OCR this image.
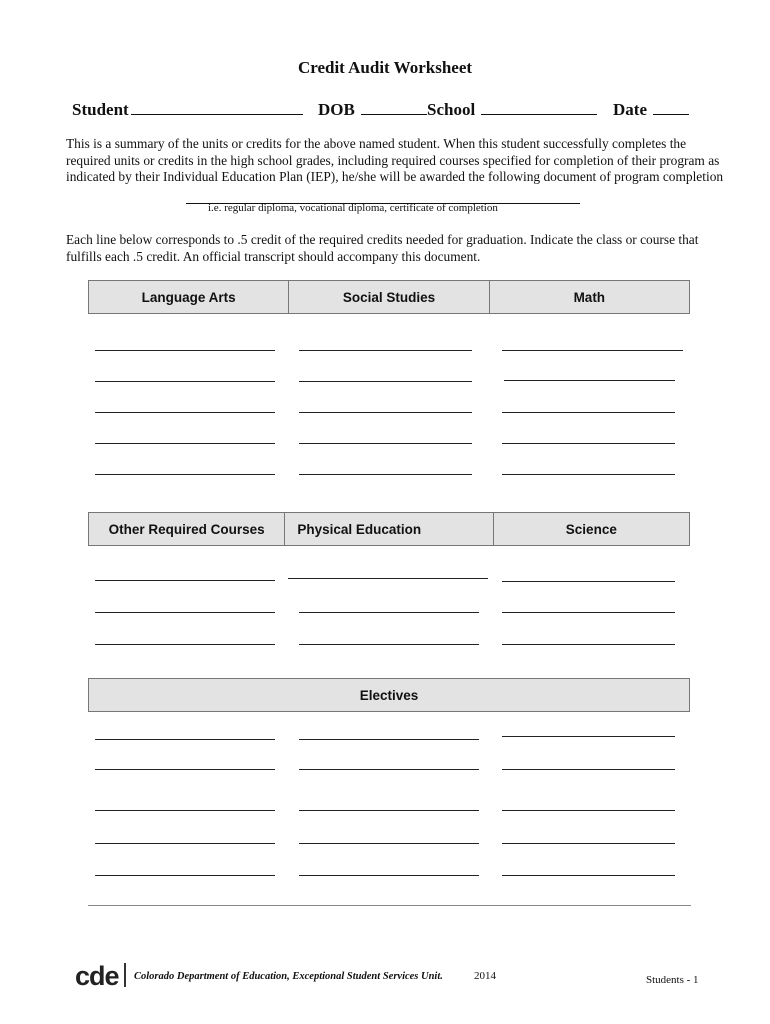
Credit Audit Worksheet
Student	DOB	School	Date
This is a summary of the units or credits for the above named student. When this student successfully completes the required units or credits in the high school grades, including required courses specified for completion of their program as indicated by their Individual Education Plan (IEP), he/she will be awarded the following document of program completion
i.e. regular diploma, vocational diploma, certificate of completion
Each line below corresponds to .5 credit of the required credits needed for graduation. Indicate the class or course that fulfills each .5 credit. An official transcript should accompany this document.
Language Arts	Social Studies	Math
Other Required Courses	Physical Education	Science
Electives
cde Colorado Department of Education, Exceptional Student Services Unit.	2014	Students - 1
